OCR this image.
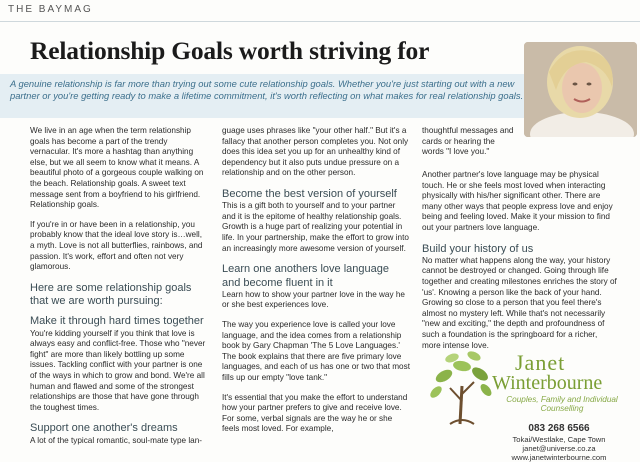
THE BAYMAG
Relationship Goals worth striving for

A genuine relationship is far more than trying out some cute relationship goals. Whether you're just starting out with a new partner or you're getting ready to make a lifetime commitment, it's worth reflecting on what makes for real relationship goals.

We live in an age when the term relationship goals has become a part of the trendy vernacular. It's more a hashtag than anything else, but we all seem to know what it means. A beautiful photo of a gorgeous couple walking on the beach. Relationship goals. A sweet text message sent from a boyfriend to his girlfriend. Relationship goals.

If you're in or have been in a relationship, you probably know that the ideal love story is…well, a myth. Love is not all butterflies, rainbows, and passion. It's work, effort and often not very glamorous.

Here are some relationship goals that we are worth pursuing:
Make it through hard times together

You're kidding yourself if you think that love is always easy and conflict-free. Those who "never fight" are more than likely bottling up some issues. Tackling conflict with your partner is one of the ways in which to grow and bond. We're all human and flawed and some of the strongest relationships are those that have gone through the toughest times.

Support one another's dreams

A lot of the typical romantic, soul-mate type lan-

guage uses phrases like "your other half." But it's a fallacy that another person completes you. Not only does this idea set you up for an unhealthy kind of dependency but it also puts undue pressure on a relationship and on the other person.

Become the best version of yourself

This is a gift both to yourself and to your partner and it is the epitome of healthy relationship goals. Growth is a huge part of realizing your potential in life. In your partnership, make the effort to grow into an increasingly more awesome version of yourself.

Learn one anothers love language and become fluent in it

Learn how to show your partner love in the way he or she best experiences love.

The way you experience love is called your love language, and the idea comes from a relationship book by Gary Chapman 'The 5 Love Languages.' The book explains that there are five primary love languages, and each of us has one or two that most fills up our empty "love tank."

It's essential that you make the effort to understand how your partner prefers to give and receive love. For some, verbal signals are the way he or she feels most loved. For example,

thoughtful messages and cards or hearing the words "I love you."

Another partner's love language may be physical touch. He or she feels most loved when interacting physically with his/her significant other. There are many other ways that people express love and enjoy being and feeling loved. Make it your mission to find out your partners love language.

Build your history of us

No matter what happens along the way, your history cannot be destroyed or changed. Going through life together and creating milestones enriches the story of 'us'. Knowing a person like the back of your hand. Growing so close to a person that you feel there's almost no mystery left. While that's not necessarily "new and exciting," the depth and profoundness of such a foundation is the springboard for a richer, more intense love.

Janet
Winterbourne
Couples, Family and Individual Counselling
083 268 6566
Tokai/Westlake, Cape Town
janet@universe.co.za
www.janetwinterbourne.com
